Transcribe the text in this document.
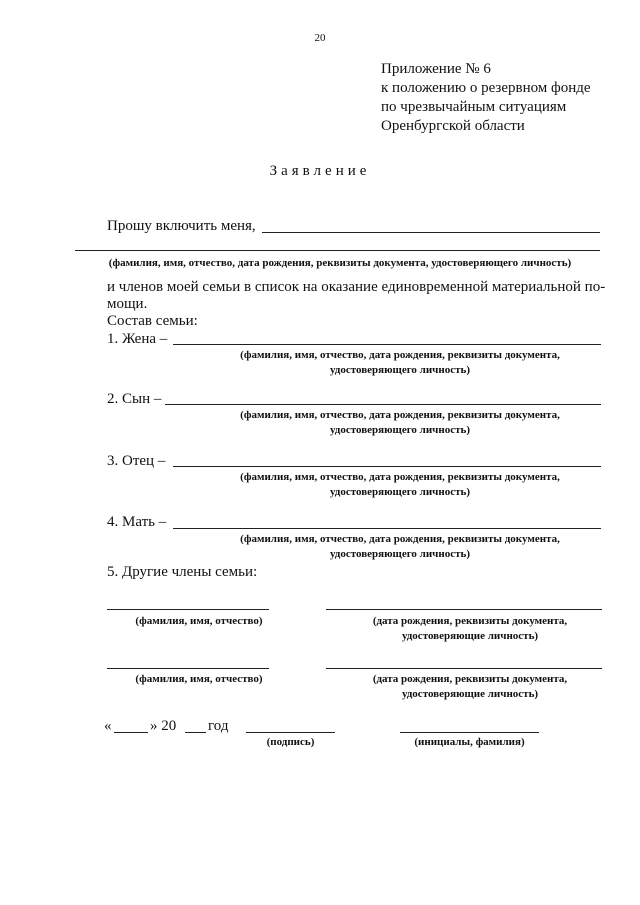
20
Приложение № 6
к положению о резервном фонде
по чрезвычайным ситуациям
Оренбургской области
Заявление
Прошу включить меня,
(фамилия, имя, отчество, дата рождения, реквизиты документа, удостоверяющего личность)
и членов моей семьи в список на оказание единовременной материальной по-
мощи.
Состав семьи:
1. Жена –
(фамилия, имя, отчество, дата рождения, реквизиты документа,
удостоверяющего личность)
2. Сын –
(фамилия, имя, отчество, дата рождения, реквизиты документа,
удостоверяющего личность)
3. Отец –
(фамилия, имя, отчество, дата рождения, реквизиты документа,
удостоверяющего личность)
4. Мать –
(фамилия, имя, отчество, дата рождения, реквизиты документа,
удостоверяющего личность)
5. Другие члены семьи:
(фамилия, имя, отчество)	(дата рождения, реквизиты документа,
удостоверяющие личность)
(фамилия, имя, отчество)	(дата рождения, реквизиты документа,
удостоверяющие личность)
«	» 20 год
(подпись)	(инициалы, фамилия)
